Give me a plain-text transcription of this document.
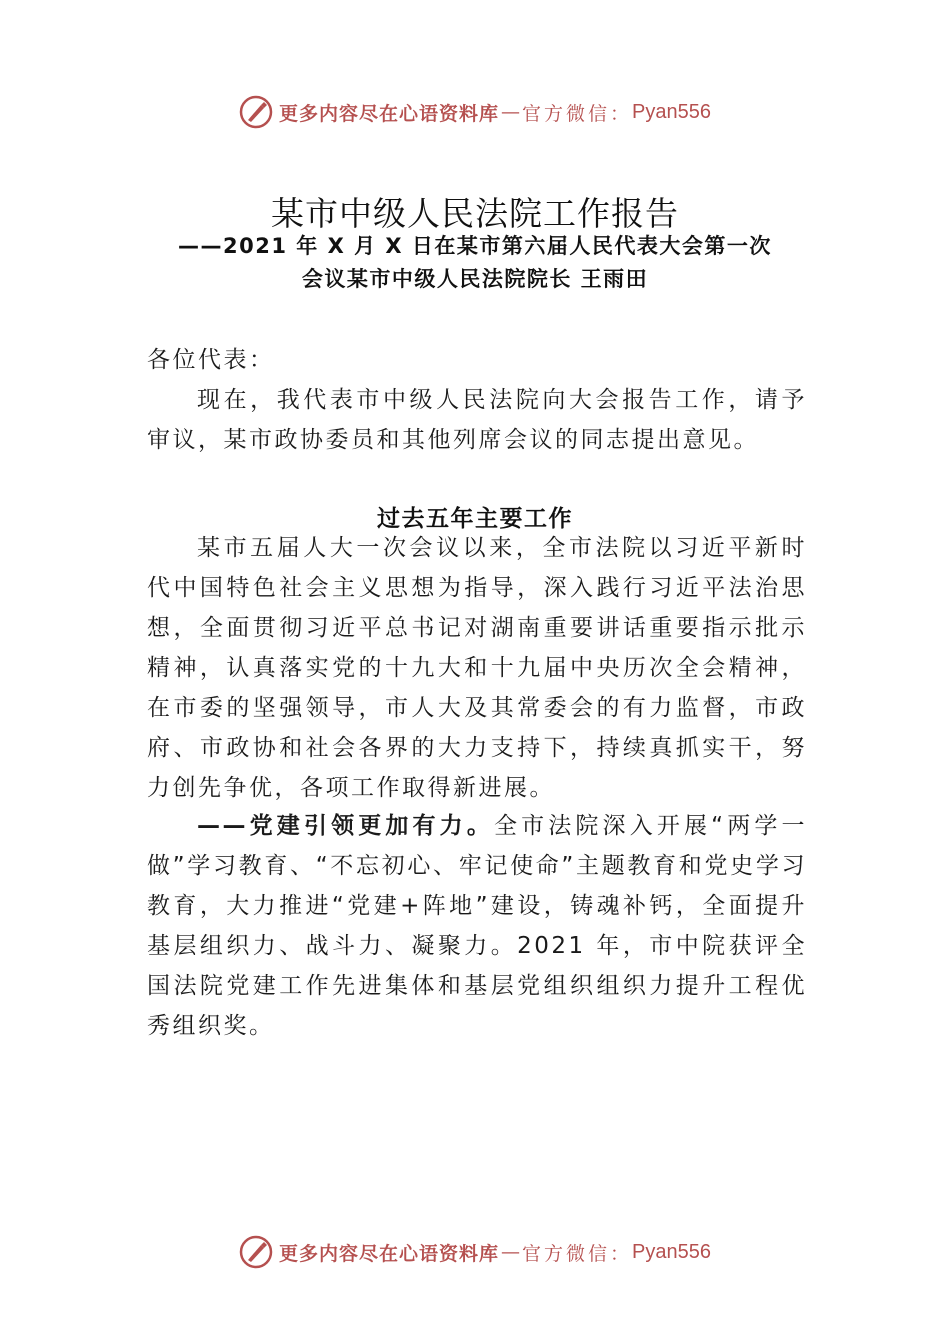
更多内容尽在心语资料库 — 官方微信： Pyan556
某市中级人民法院工作报告
——2021 年 X 月 X 日在某市第六届人民代表大会第一次
会议某市中级人民法院院长 王雨田

各位代表：

现在，我代表市中级人民法院向大会报告工作，请予审议，某市政协委员和其他列席会议的同志提出意见。

过去五年主要工作

某市五届人大一次会议以来，全市法院以习近平新时代中国特色社会主义思想为指导，深入践行习近平法治思想，全面贯彻习近平总书记对湖南重要讲话重要指示批示精神，认真落实党的十九大和十九届中央历次全会精神，在市委的坚强领导，市人大及其常委会的有力监督，市政府、市政协和社会各界的大力支持下，持续真抓实干，努力创先争优，各项工作取得新进展。

——党建引领更加有力。全市法院深入开展“两学一做”学习教育、“不忘初心、牢记使命”主题教育和党史学习教育，大力推进“党建+阵地”建设，铸魂补钙，全面提升基层组织力、战斗力、凝聚力。2021 年，市中院获评全国法院党建工作先进集体和基层党组织组织力提升工程优秀组织奖。

更多内容尽在心语资料库 — 官方微信： Pyan556
